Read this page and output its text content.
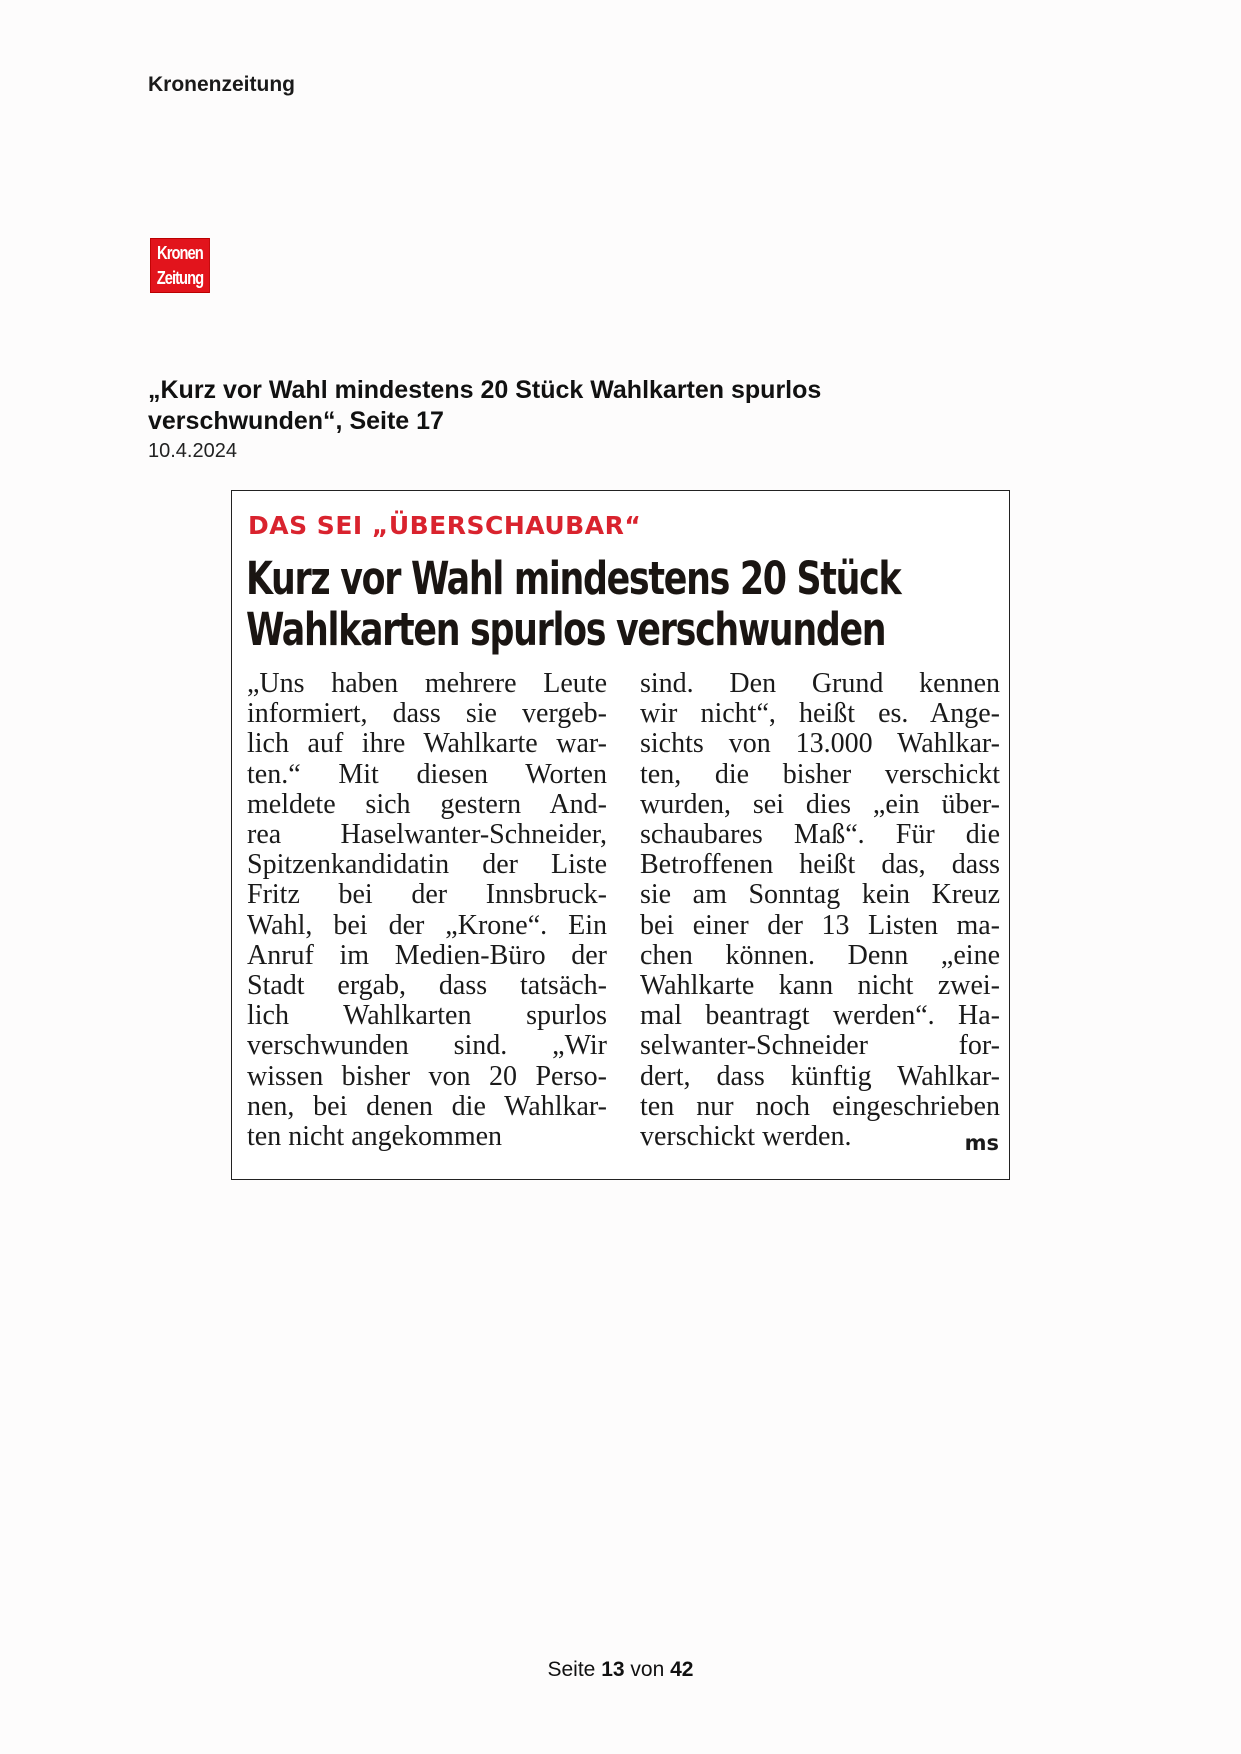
Kronenzeitung
Kronen
Zeitung
„Kurz vor Wahl mindestens 20 Stück Wahlkarten spurlos verschwunden“, Seite 17
10.4.2024
DAS SEI „ÜBERSCHAUBAR“
Kurz vor Wahl mindestens 20 Stück
Wahlkarten spurlos verschwunden
„Uns haben mehrere Leute
informiert, dass sie vergeb-
lich auf ihre Wahlkarte war-
ten.“ Mit diesen Worten
meldete sich gestern And-
rea Haselwanter-Schneider,
Spitzenkandidatin der Liste
Fritz bei der Innsbruck-
Wahl, bei der „Krone“. Ein
Anruf im Medien-Büro der
Stadt ergab, dass tatsäch-
lich Wahlkarten spurlos
verschwunden sind. „Wir
wissen bisher von 20 Perso-
nen, bei denen die Wahlkar-
ten nicht angekommen
sind. Den Grund kennen
wir nicht“, heißt es. Ange-
sichts von 13.000 Wahlkar-
ten, die bisher verschickt
wurden, sei dies „ein über-
schaubares Maß“. Für die
Betroffenen heißt das, dass
sie am Sonntag kein Kreuz
bei einer der 13 Listen ma-
chen können. Denn „eine
Wahlkarte kann nicht zwei-
mal beantragt werden“. Ha-
selwanter-Schneider for-
dert, dass künftig Wahlkar-
ten nur noch eingeschrieben
verschickt werden.	ms
Seite 13 von 42
